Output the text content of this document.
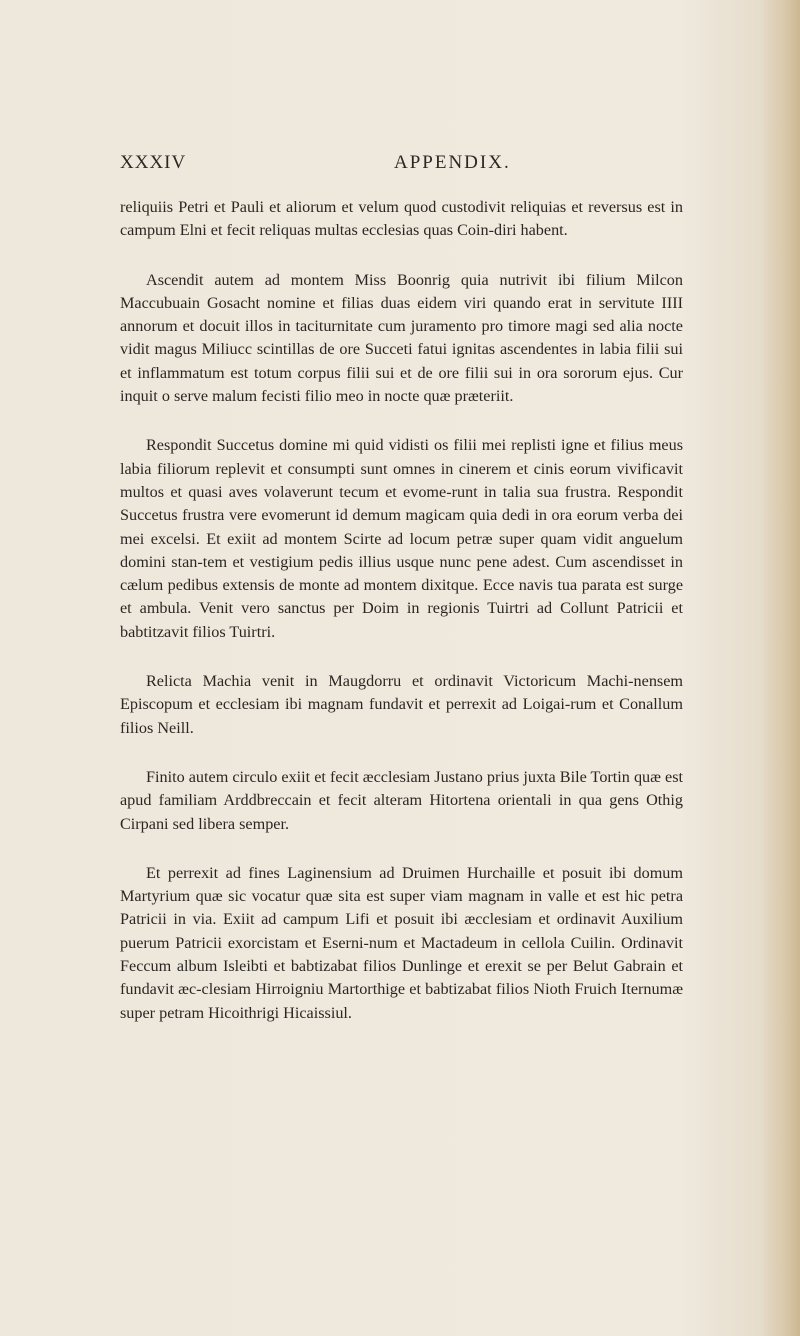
XXXIV	APPENDIX.

reliquiis Petri et Pauli et aliorum et velum quod custodivit reliquias et reversus est in campum Elni et fecit reliquas multas ecclesias quas Coin-diri habent.

Ascendit autem ad montem Miss Boonrig quia nutrivit ibi filium Milcon Maccubuain Gosacht nomine et filias duas eidem viri quando erat in servitute IIII annorum et docuit illos in taciturnitate cum juramento pro timore magi sed alia nocte vidit magus Miliucc scintillas de ore Succeti fatui ignitas ascendentes in labia filii sui et inflammatum est totum corpus filii sui et de ore filii sui in ora sororum ejus. Cur inquit o serve malum fecisti filio meo in nocte quæ præteriit.

Respondit Succetus domine mi quid vidisti os filii mei replisti igne et filius meus labia filiorum replevit et consumpti sunt omnes in cinerem et cinis eorum vivificavit multos et quasi aves volaverunt tecum et evome-runt in talia sua frustra. Respondit Succetus frustra vere evomerunt id demum magicam quia dedi in ora eorum verba dei mei excelsi. Et exiit ad montem Scirte ad locum petræ super quam vidit anguelum domini stan-tem et vestigium pedis illius usque nunc pene adest. Cum ascendisset in cælum pedibus extensis de monte ad montem dixitque. Ecce navis tua parata est surge et ambula. Venit vero sanctus per Doim in regionis Tuirtri ad Collunt Patricii et babtitzavit filios Tuirtri.

Relicta Machia venit in Maugdorru et ordinavit Victoricum Machi-nensem Episcopum et ecclesiam ibi magnam fundavit et perrexit ad Loigai-rum et Conallum filios Neill.

Finito autem circulo exiit et fecit æcclesiam Justano prius juxta Bile Tortin quæ est apud familiam Arddbreccain et fecit alteram Hitortena orientali in qua gens Othig Cirpani sed libera semper.

Et perrexit ad fines Laginensium ad Druimen Hurchaille et posuit ibi domum Martyrium quæ sic vocatur quæ sita est super viam magnam in valle et est hic petra Patricii in via. Exiit ad campum Lifi et posuit ibi æcclesiam et ordinavit Auxilium puerum Patricii exorcistam et Eserni-num et Mactadeum in cellola Cuilin. Ordinavit Feccum album Isleibti et babtizabat filios Dunlinge et erexit se per Belut Gabrain et fundavit æc-clesiam Hirroigniu Martorthige et babtizabat filios Nioth Fruich Iternumæ super petram Hicoithrigi Hicaissiul.
